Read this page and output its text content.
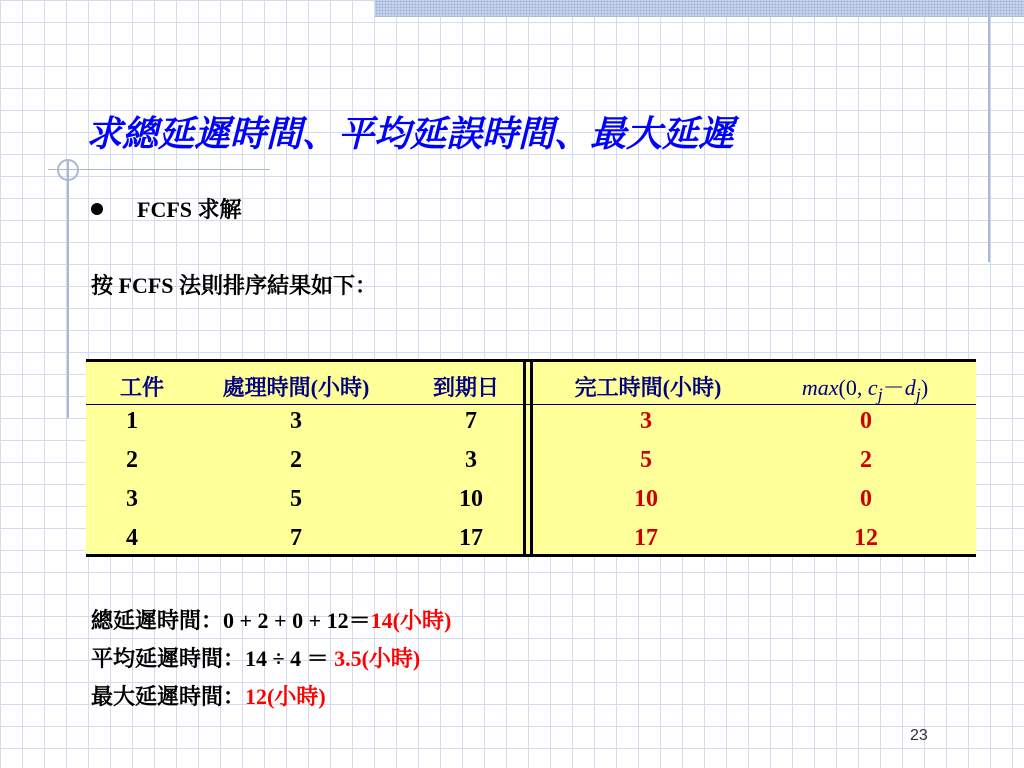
求總延遲時間、平均延誤時間、最大延遲
FCFS 求解
按 FCFS 法則排序結果如下：
工件	處理時間(小時)	到期日	完工時間(小時)	max(0, $c_j-d_j$)
1	3	7	3	0
2	2	3	5	2
3	5	10	10	0
4	7	17	17	12
總延遲時間：0 + 2 + 0 + 12＝14(小時)
平均延遲時間：14 ÷ 4 ＝ 3.5(小時)
最大延遲時間：12(小時)
23
